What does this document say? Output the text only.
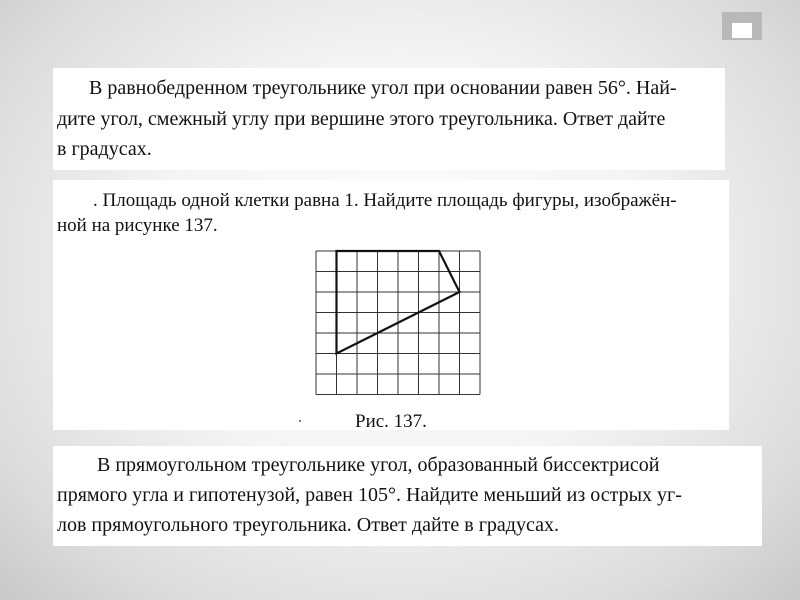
В равнобедренном треугольнике угол при основании равен 56°. Най-

дите угол, смежный углу при вершине этого треугольника. Ответ дайте

в градусах.

. Площадь одной клетки равна 1. Найдите площадь фигуры, изображён-

ной на рисунке 137.

Рис. 137.

В прямоугольном треугольнике угол, образованный биссектрисой

прямого угла и гипотенузой, равен 105°. Найдите меньший из острых уг-

лов прямоугольного треугольника. Ответ дайте в градусах.
